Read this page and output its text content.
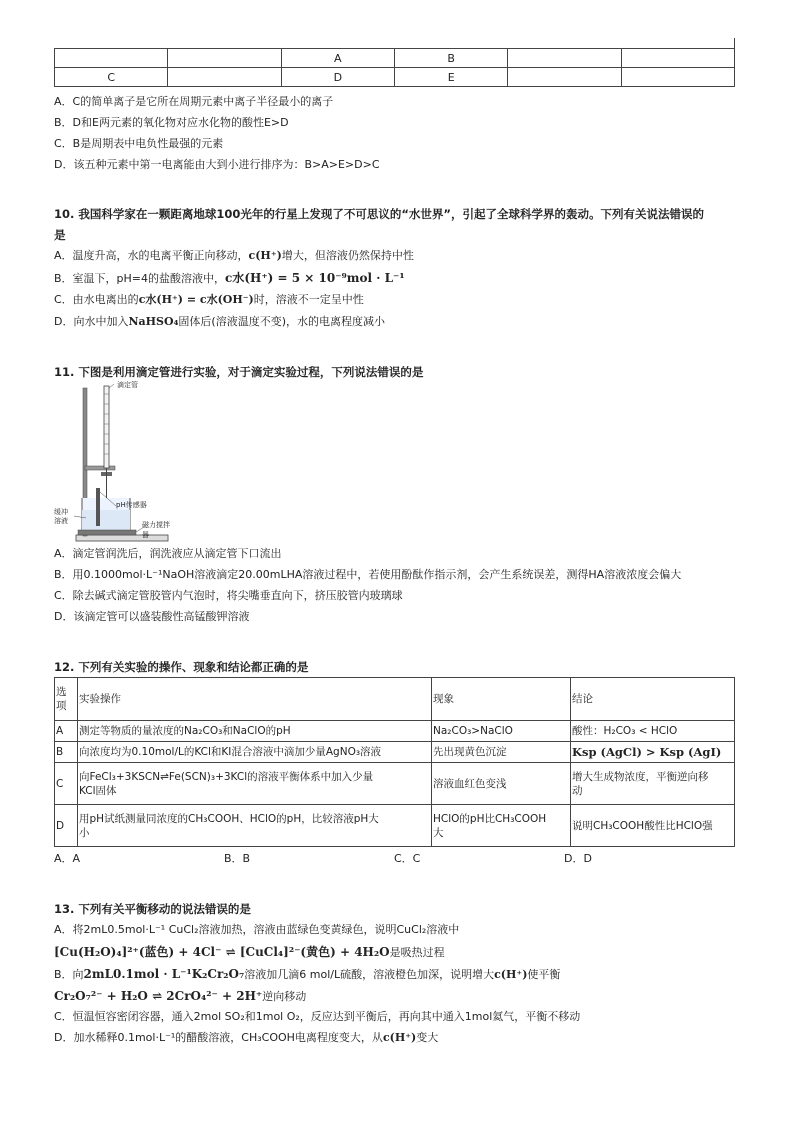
		A	B		
C		D	E		
A．C的简单离子是它所在周期元素中离子半径最小的离子
B．D和E两元素的氧化物对应水化物的酸性E>D
C．B是周期表中电负性最强的元素
D．该五种元素中第一电离能由大到小进行排序为：B>A>E>D>C
10. 我国科学家在一颗距离地球100光年的行星上发现了不可思议的“水世界”，引起了全球科学界的轰动。下列有关说法错误的
是
A．温度升高，水的电离平衡正向移动，c(H⁺)增大，但溶液仍然保持中性
B．室温下，pH=4的盐酸溶液中，c水(H⁺) = 5 × 10⁻⁹mol · L⁻¹
C．由水电离出的c水(H⁺) = c水(OH⁻)时，溶液不一定呈中性
D．向水中加入NaHSO₄固体后(溶液温度不变)，水的电离程度减小
11. 下图是利用滴定管进行实验，对于滴定实验过程，下列说法错误的是
滴定管
pH传感器
磁力搅拌器
缓冲
溶液
A．滴定管润洗后，润洗液应从滴定管下口流出
B．用0.1000mol·L⁻¹NaOH溶液滴定20.00mLHA溶液过程中，若使用酚酞作指示剂，会产生系统误差，测得HA溶液浓度会偏大
C．除去碱式滴定管胶管内气泡时，将尖嘴垂直向下，挤压胶管内玻璃球
D．该滴定管可以盛装酸性高锰酸钾溶液
12. 下列有关实验的操作、现象和结论都正确的是
选
项	实验操作	现象	结论
A	测定等物质的量浓度的Na₂CO₃和NaClO的pH	Na₂CO₃>NaClO	酸性：H₂CO₃ < HClO
B	向浓度均为0.10mol/L的KCl和KI混合溶液中滴加少量AgNO₃溶液	先出现黄色沉淀	Ksp (AgCl) > Ksp (AgI)
C	向FeCl₃+3KSCN⇌Fe(SCN)₃+3KCl的溶液平衡体系中加入少量
KCl固体	溶液血红色变浅	增大生成物浓度，平衡逆向移
动
D	用pH试纸测量同浓度的CH₃COOH、HClO的pH，比较溶液pH大
小	HClO的pH比CH₃COOH
大	说明CH₃COOH酸性比HClO强
A．A	B．B	C．C	D．D
13. 下列有关平衡移动的说法错误的是
A．将2mL0.5mol·L⁻¹ CuCl₂溶液加热，溶液由蓝绿色变黄绿色，说明CuCl₂溶液中
[Cu(H₂O)₄]²⁺(蓝色) + 4Cl⁻ ⇌ [CuCl₄]²⁻(黄色) + 4H₂O是吸热过程
B．向2mL0.1mol · L⁻¹K₂Cr₂O₇溶液加几滴6 mol/L硫酸，溶液橙色加深，说明增大c(H⁺)使平衡
Cr₂O₇²⁻ + H₂O ⇌ 2CrO₄²⁻ + 2H⁺逆向移动
C．恒温恒容密闭容器，通入2mol SO₂和1mol O₂，反应达到平衡后，再向其中通入1mol氦气，平衡不移动
D．加水稀释0.1mol·L⁻¹的醋酸溶液，CH₃COOH电离程度变大，从c(H⁺)变大
